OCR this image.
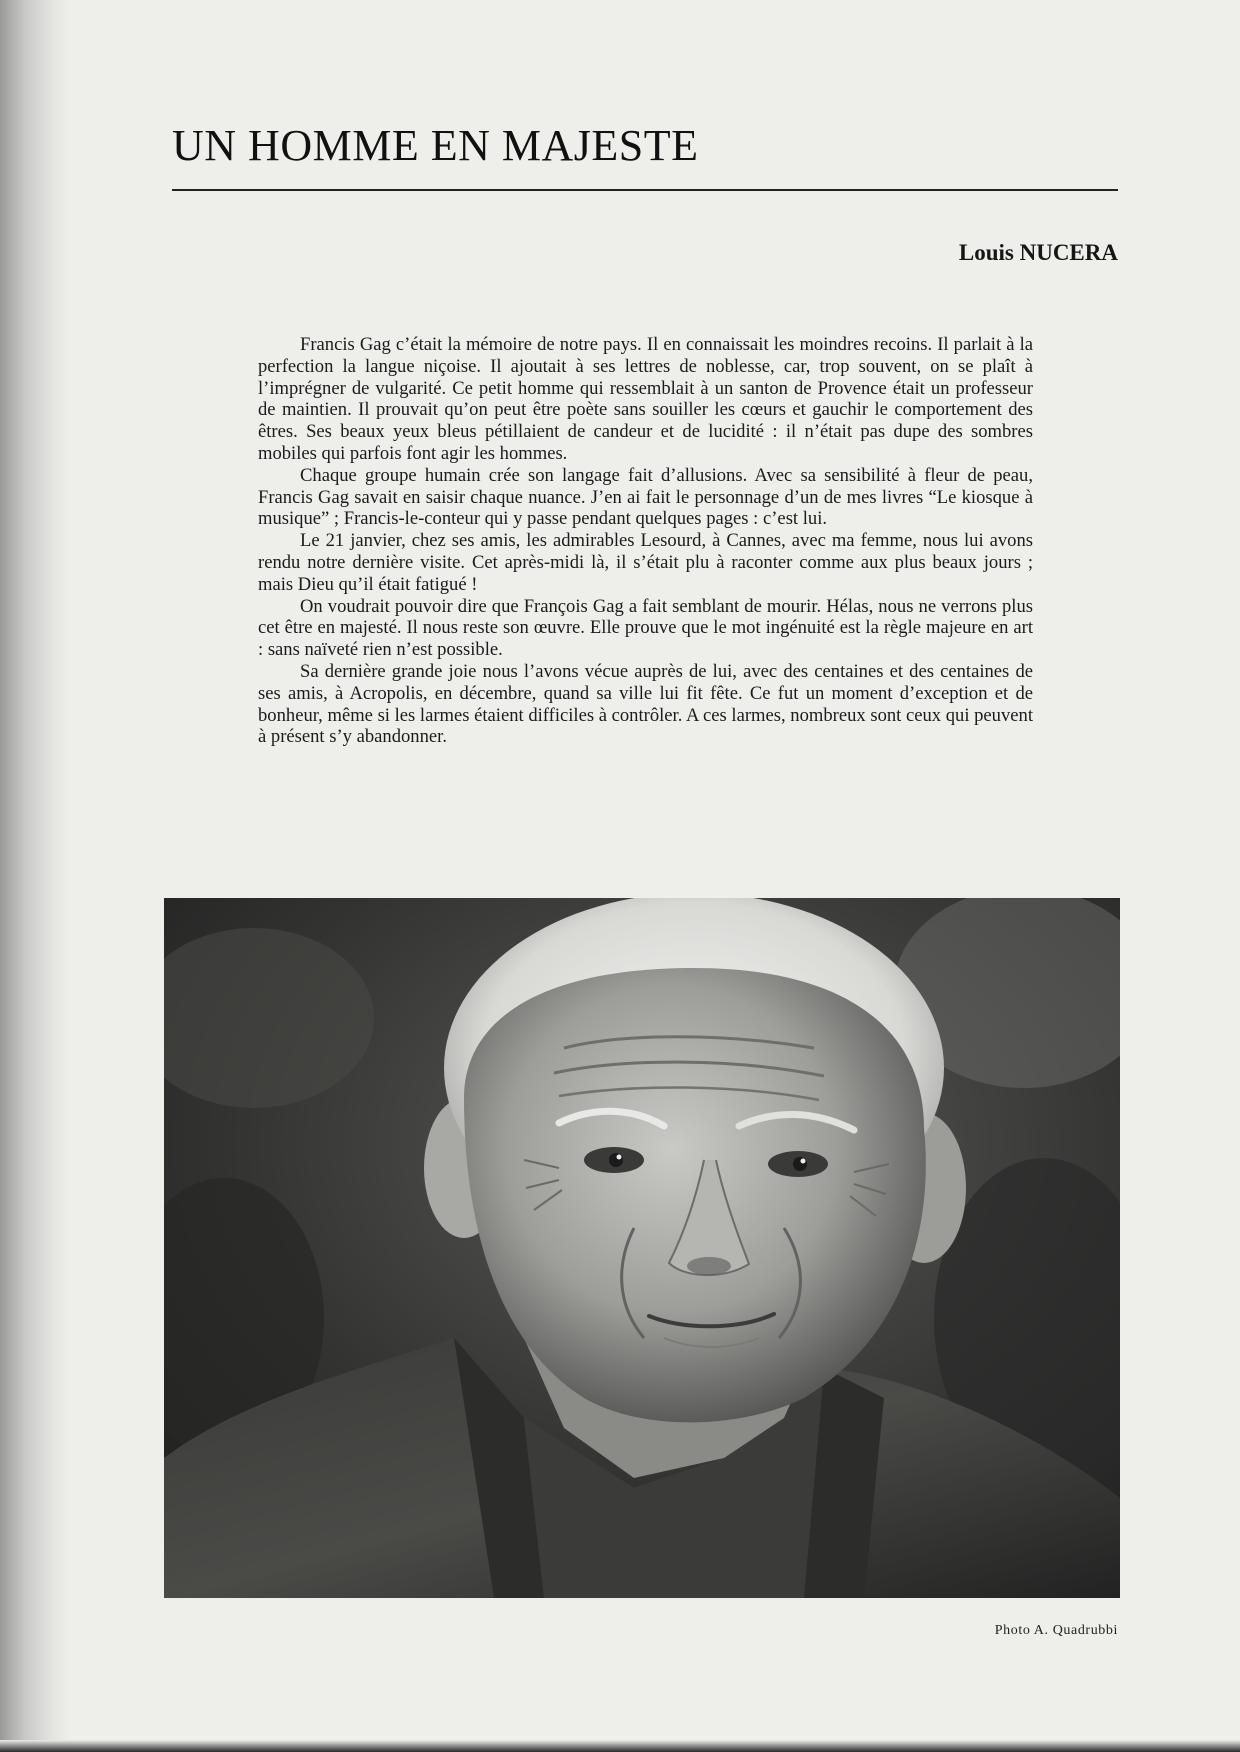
UN HOMME EN MAJESTE

Louis NUCERA

Francis Gag c’était la mémoire de notre pays. Il en connaissait les moindres recoins. Il parlait à la perfection la langue niçoise. Il ajoutait à ses lettres de noblesse, car, trop souvent, on se plaît à l’imprégner de vulgarité. Ce petit homme qui ressemblait à un santon de Provence était un professeur de maintien. Il prouvait qu’on peut être poète sans souiller les cœurs et gauchir le comportement des êtres. Ses beaux yeux bleus pétillaient de candeur et de lucidité : il n’était pas dupe des sombres mobiles qui parfois font agir les hommes.

Chaque groupe humain crée son langage fait d’allusions. Avec sa sensibilité à fleur de peau, Francis Gag savait en saisir chaque nuance. J’en ai fait le personnage d’un de mes livres “Le kiosque à musique” ; Francis-le-conteur qui y passe pendant quelques pages : c’est lui.

Le 21 janvier, chez ses amis, les admirables Lesourd, à Cannes, avec ma femme, nous lui avons rendu notre dernière visite. Cet après-midi là, il s’était plu à raconter comme aux plus beaux jours ; mais Dieu qu’il était fatigué !

On voudrait pouvoir dire que François Gag a fait semblant de mourir. Hélas, nous ne verrons plus cet être en majesté. Il nous reste son œuvre. Elle prouve que le mot ingénuité est la règle majeure en art : sans naïveté rien n’est possible.

Sa dernière grande joie nous l’avons vécue auprès de lui, avec des centaines et des centaines de ses amis, à Acropolis, en décembre, quand sa ville lui fit fête. Ce fut un moment d’exception et de bonheur, même si les larmes étaient difficiles à contrôler. A ces larmes, nombreux sont ceux qui peuvent à présent s’y abandonner.

Photo A. Quadrubbi
